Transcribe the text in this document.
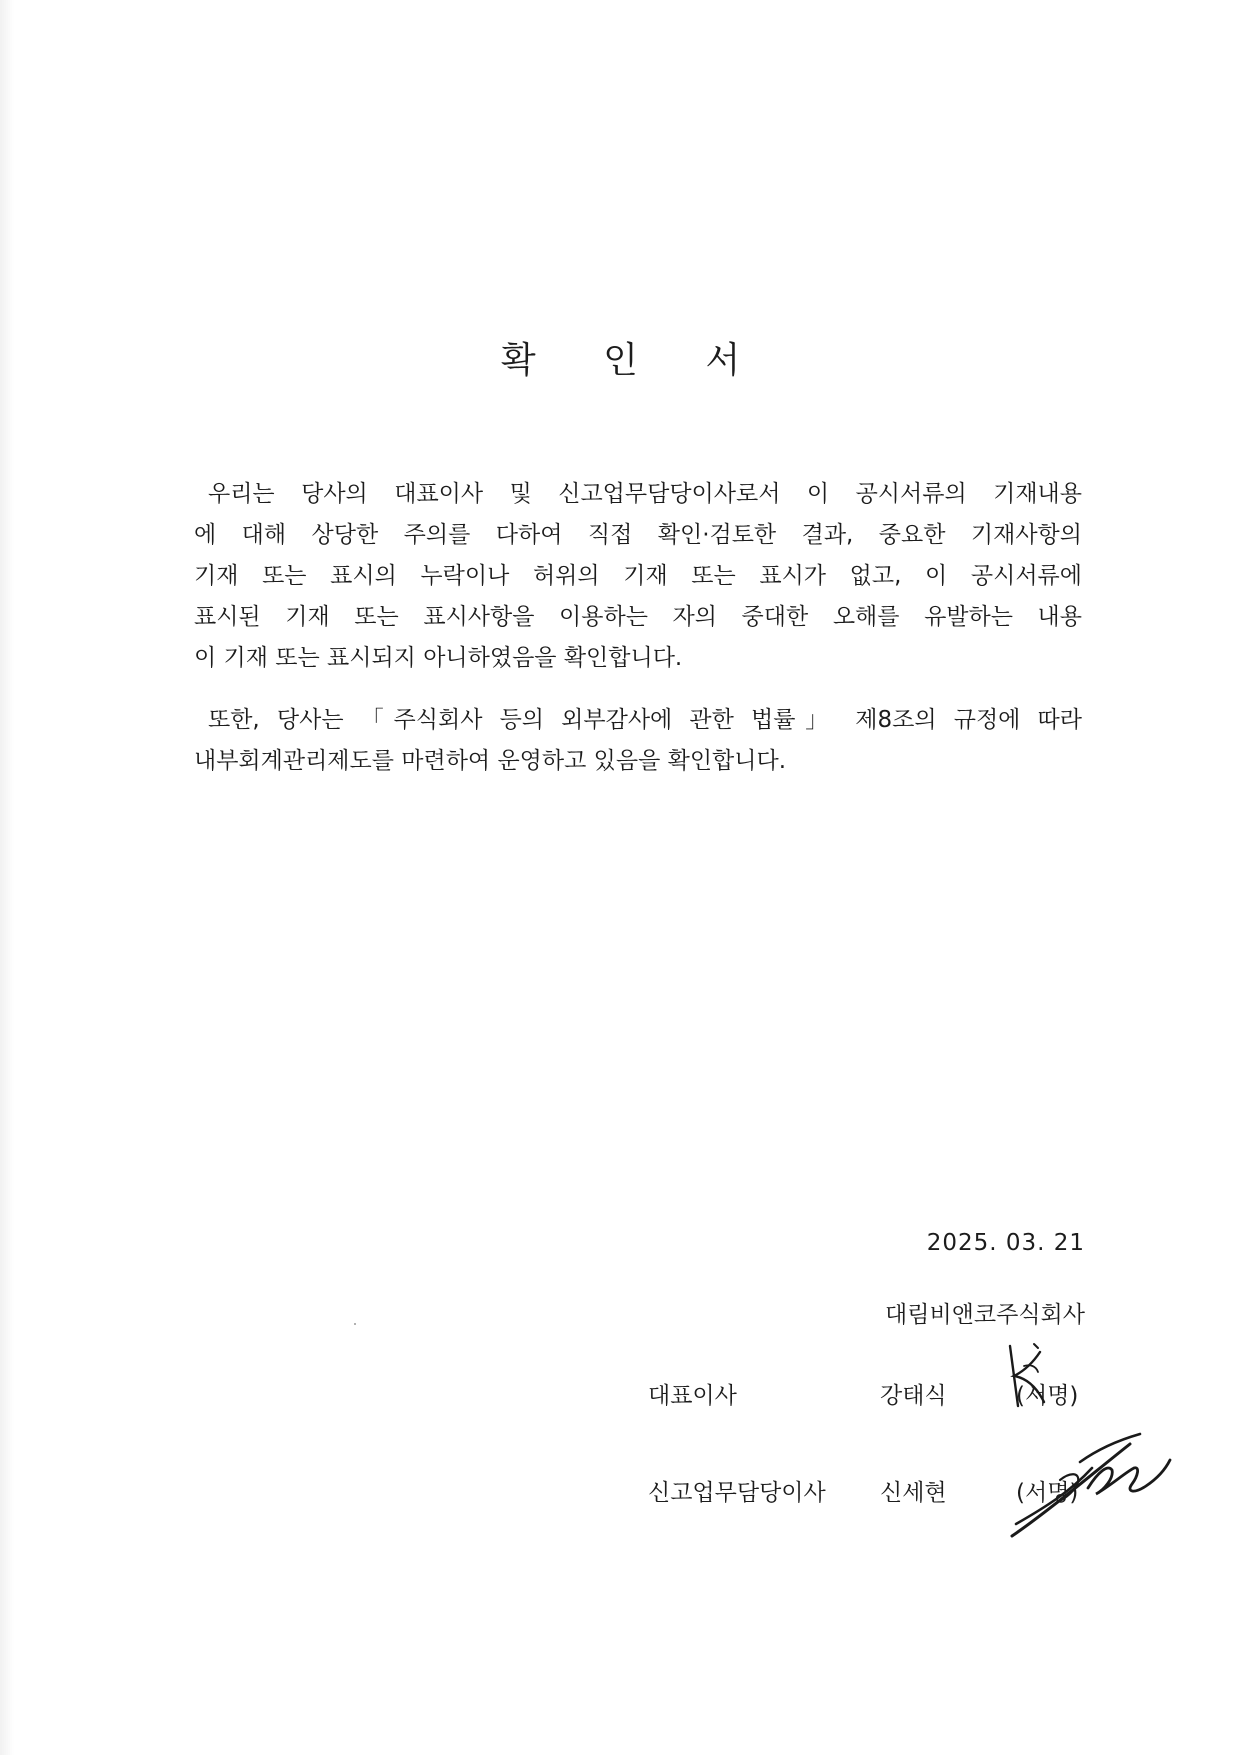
확 인 서
우리는 당사의 대표이사 및 신고업무담당이사로서 이 공시서류의 기재내용
에 대해 상당한 주의를 다하여 직접 확인·검토한 결과, 중요한 기재사항의
기재 또는 표시의 누락이나 허위의 기재 또는 표시가 없고, 이 공시서류에
표시된 기재 또는 표시사항을 이용하는 자의 중대한 오해를 유발하는 내용
이 기재 또는 표시되지 아니하였음을 확인합니다.
또한, 당사는 「주식회사 등의 외부감사에 관한 법률」 제8조의 규정에 따라
내부회계관리제도를 마련하여 운영하고 있음을 확인합니다.
2025. 03. 21
대림비앤코주식회사
대표이사	강태식	(서명)
신고업무담당이사 신세현	(서명)
